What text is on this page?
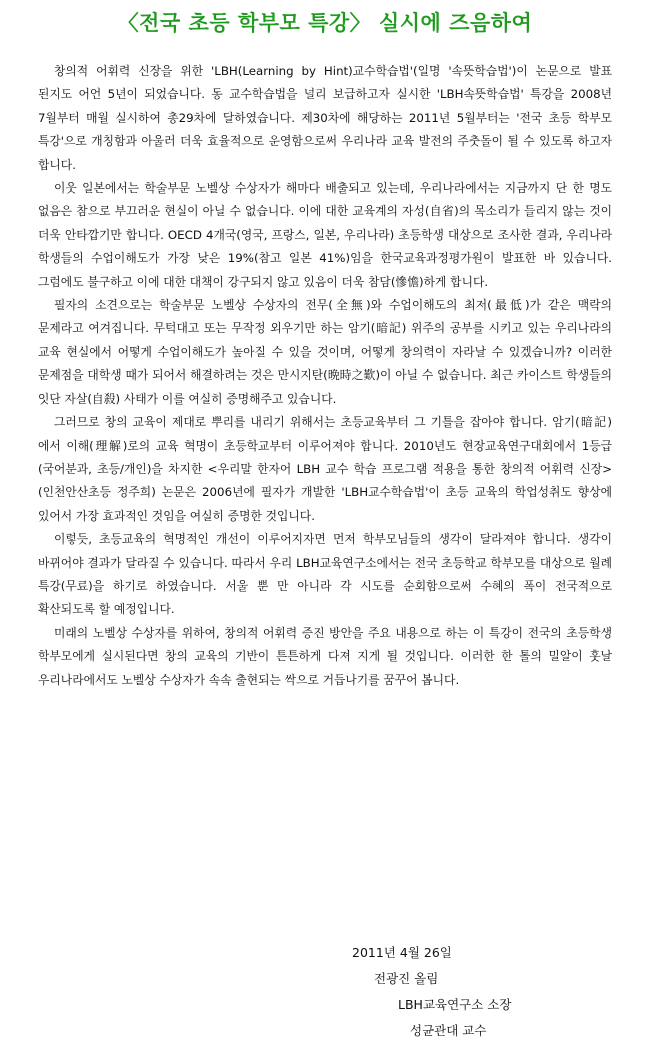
〈전국 초등 학부모 특강〉 실시에 즈음하여

창의적 어휘력 신장을 위한 'LBH(Learning by Hint)교수학습법'(일명 '속뜻학습법')이 논문으로 발표 된지도 어언 5년이 되었습니다. 동 교수학습법을 널리 보급하고자 실시한 'LBH속뜻학습법' 특강을 2008년 7월부터 매월 실시하여 총29차에 달하였습니다. 제30차에 해당하는 2011년 5월부터는 '전국 초등 학부모 특강'으로 개칭함과 아울러 더욱 효율적으로 운영함으로써 우리나라 교육 발전의 주춧돌이 될 수 있도록 하고자 합니다.

이웃 일본에서는 학술부문 노벨상 수상자가 해마다 배출되고 있는데, 우리나라에서는 지금까지 단 한 명도 없음은 참으로 부끄러운 현실이 아닐 수 없습니다. 이에 대한 교육계의 자성(自省)의 목소리가 들리지 않는 것이 더욱 안타깝기만 합니다. OECD 4개국(영국, 프랑스, 일본, 우리나라) 초등학생 대상으로 조사한 결과, 우리나라 학생들의 수업이해도가 가장 낮은 19%(참고 일본 41%)임을 한국교육과정평가원이 발표한 바 있습니다. 그럼에도 불구하고 이에 대한 대책이 강구되지 않고 있음이 더욱 참담(慘憺)하게 합니다.

필자의 소견으로는 학술부문 노벨상 수상자의 전무(全無)와 수업이해도의 최저(最低)가 같은 맥락의 문제라고 여겨집니다. 무턱대고 또는 무작정 외우기만 하는 암기(暗記) 위주의 공부를 시키고 있는 우리나라의 교육 현실에서 어떻게 수업이해도가 높아질 수 있을 것이며, 어떻게 창의력이 자라날 수 있겠습니까? 이러한 문제점을 대학생 때가 되어서 해결하려는 것은 만시지탄(晩時之歎)이 아닐 수 없습니다. 최근 카이스트 학생들의 잇단 자살(自殺) 사태가 이를 여실히 증명해주고 있습니다.

그러므로 창의 교육이 제대로 뿌리를 내리기 위해서는 초등교육부터 그 기틀을 잡아야 합니다. 암기(暗記)에서 이해(理解)로의 교육 혁명이 초등학교부터 이루어져야 합니다. 2010년도 현장교육연구대회에서 1등급(국어분과, 초등/개인)을 차지한 <우리말 한자어 LBH 교수 학습 프로그램 적용을 통한 창의적 어휘력 신장>(인천안산초등 정주희) 논문은 2006년에 필자가 개발한 'LBH교수학습법'이 초등 교육의 학업성취도 향상에 있어서 가장 효과적인 것임을 여실히 증명한 것입니다.

이렇듯, 초등교육의 혁명적인 개선이 이루어지자면 먼저 학부모님들의 생각이 달라져야 합니다. 생각이 바뀌어야 결과가 달라질 수 있습니다. 따라서 우리 LBH교육연구소에서는 전국 초등학교 학부모를 대상으로 월례 특강(무료)을 하기로 하였습니다. 서울 뿐 만 아니라 각 시도를 순회함으로써 수혜의 폭이 전국적으로 확산되도록 할 예정입니다.

미래의 노벨상 수상자를 위하여, 창의적 어휘력 증진 방안을 주요 내용으로 하는 이 특강이 전국의 초등학생 학부모에게 실시된다면 창의 교육의 기반이 튼튼하게 다져 지게 될 것입니다. 이러한 한 톨의 밀알이 훗날 우리나라에서도 노벨상 수상자가 속속 출현되는 싹으로 거듭나기를 꿈꾸어 봅니다.

2011년 4월 26일
전광진 올림
LBH교육연구소 소장
성균관대 교수
